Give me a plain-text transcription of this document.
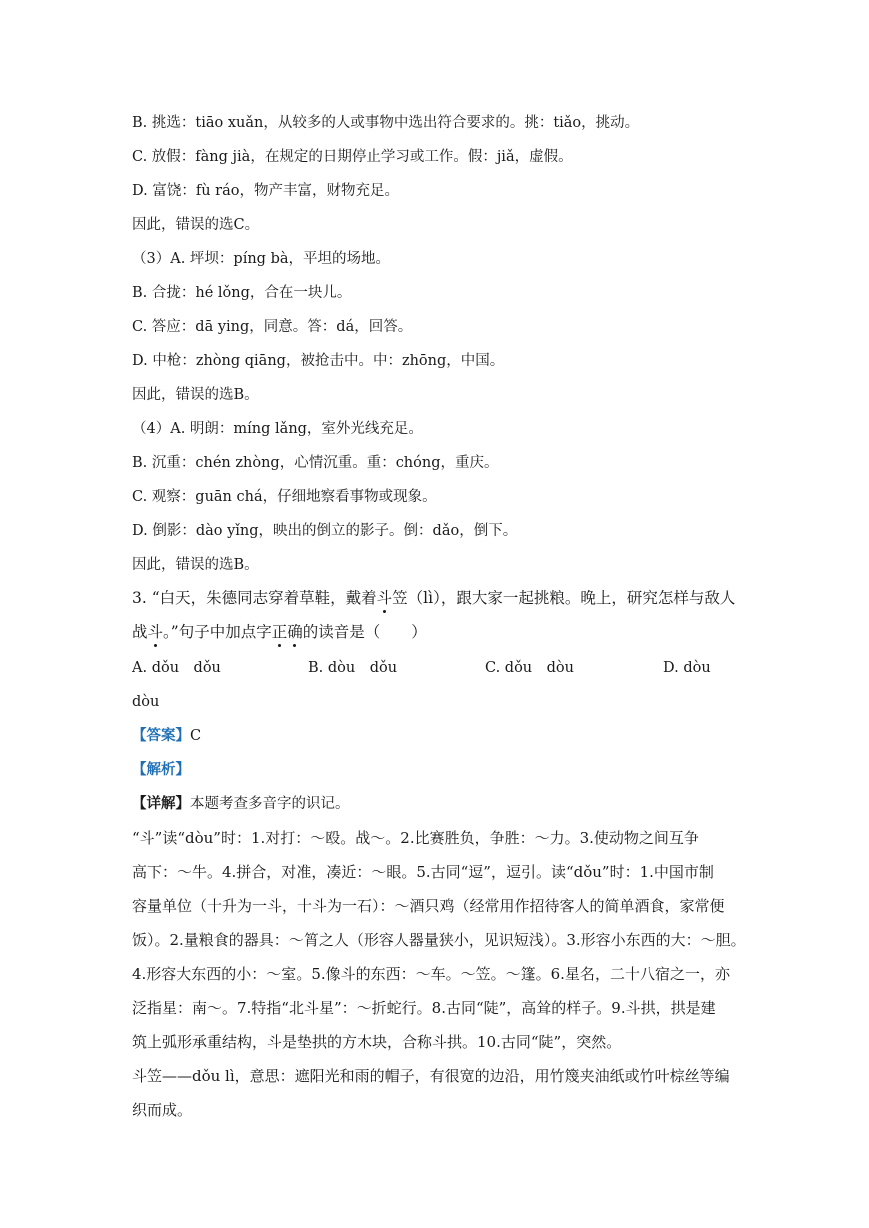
B. 挑选：tiāo xuǎn，从较多的人或事物中选出符合要求的。挑：tiǎo，挑动。
C. 放假：fàng jià，在规定的日期停止学习或工作。假：jiǎ，虚假。
D. 富饶：fù ráo，物产丰富，财物充足。
因此，错误的选C。
（3）A. 坪坝：píng bà，平坦的场地。
B. 合拢：hé lǒng，合在一块儿。
C. 答应：dā ying，同意。答：dá，回答。
D. 中枪：zhòng qiāng，被抢击中。中：zhōng，中国。
因此，错误的选B。
（4）A. 明朗：míng lǎng，室外光线充足。
B. 沉重：chén zhòng，心情沉重。重：chóng，重庆。
C. 观察：guān chá，仔细地察看事物或现象。
D. 倒影：dào yǐng，映出的倒立的影子。倒：dǎo，倒下。
因此，错误的选B。
3. “白天，朱德同志穿着草鞋，戴着斗笠（lì），跟大家一起挑粮。晚上，研究怎样与敌人
战斗。”句子中加点字正确的读音是（　　）
A. dǒu　dǒu	B. dòu　dǒu	C. dǒu　dòu	D. dòu
dòu
【答案】C
【解析】
【详解】本题考查多音字的识记。
“斗”读“dòu”时：1.对打：～殴。战～。2.比赛胜负，争胜：～力。3.使动物之间互争
高下：～牛。4.拼合，对准，凑近：～眼。5.古同“逗”，逗引。读“dǒu”时：1.中国市制
容量单位（十升为一斗，十斗为一石）：～酒只鸡（经常用作招待客人的简单酒食，家常便
饭）。2.量粮食的器具：～筲之人（形容人器量狭小，见识短浅）。3.形容小东西的大：～胆。
4.形容大东西的小：～室。5.像斗的东西：～车。～笠。～篷。6.星名，二十八宿之一，亦
泛指星：南～。7.特指“北斗星”：～折蛇行。8.古同“陡”，高耸的样子。9.斗拱，拱是建
筑上弧形承重结构，斗是垫拱的方木块，合称斗拱。10.古同“陡”，突然。
斗笠——dǒu lì，意思：遮阳光和雨的帽子，有很宽的边沿，用竹篾夹油纸或竹叶棕丝等编
织而成。
